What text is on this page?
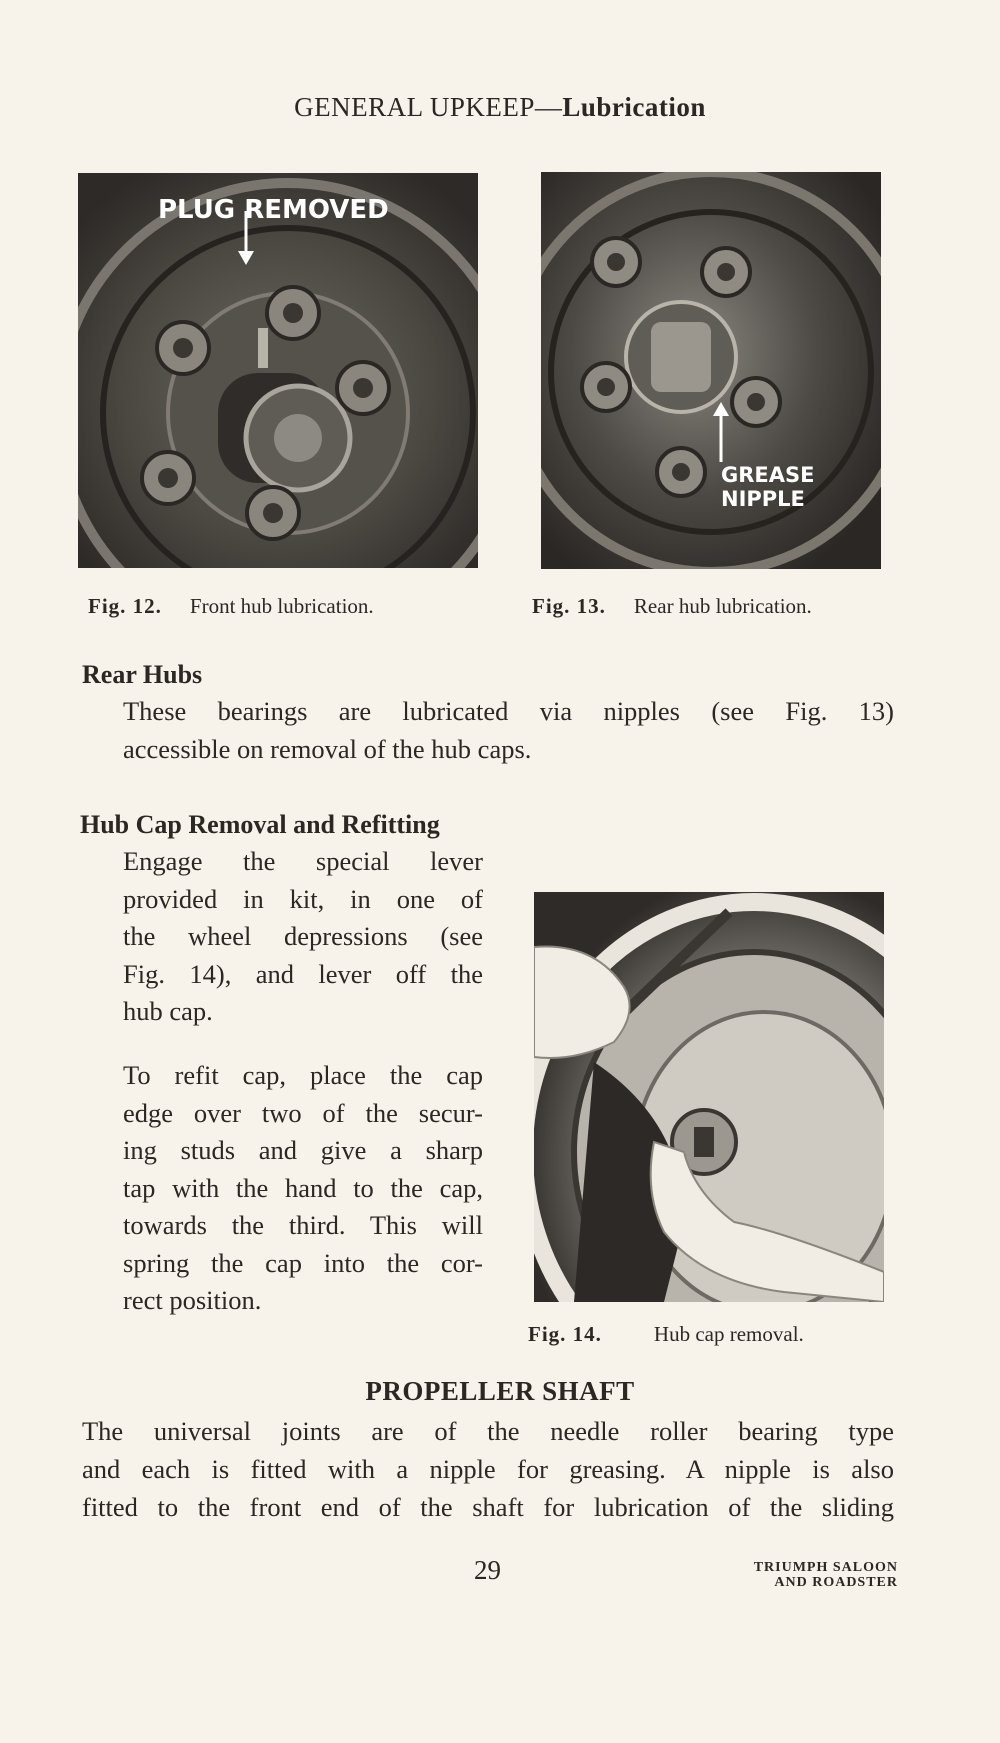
GENERAL UPKEEP—Lubrication
PLUG REMOVED
GREASE
NIPPLE
Fig. 12. Front hub lubrication.	Fig. 13. Rear hub lubrication.
Rear Hubs
These bearings are lubricated via nipples (see Fig. 13)
accessible on removal of the hub caps.
Hub Cap Removal and Refitting
Engage the special lever
provided in kit, in one of
the wheel depressions (see
Fig. 14), and lever off the
hub cap.
To refit cap, place the cap
edge over two of the secur-
ing studs and give a sharp
tap with the hand to the cap,
towards the third. This will
spring the cap into the cor-
rect position.
Fig. 14. Hub cap removal.
PROPELLER SHAFT
The universal joints are of the needle roller bearing type
and each is fitted with a nipple for greasing. A nipple is also
fitted to the front end of the shaft for lubrication of the sliding
29	TRIUMPH SALOON
AND ROADSTER
